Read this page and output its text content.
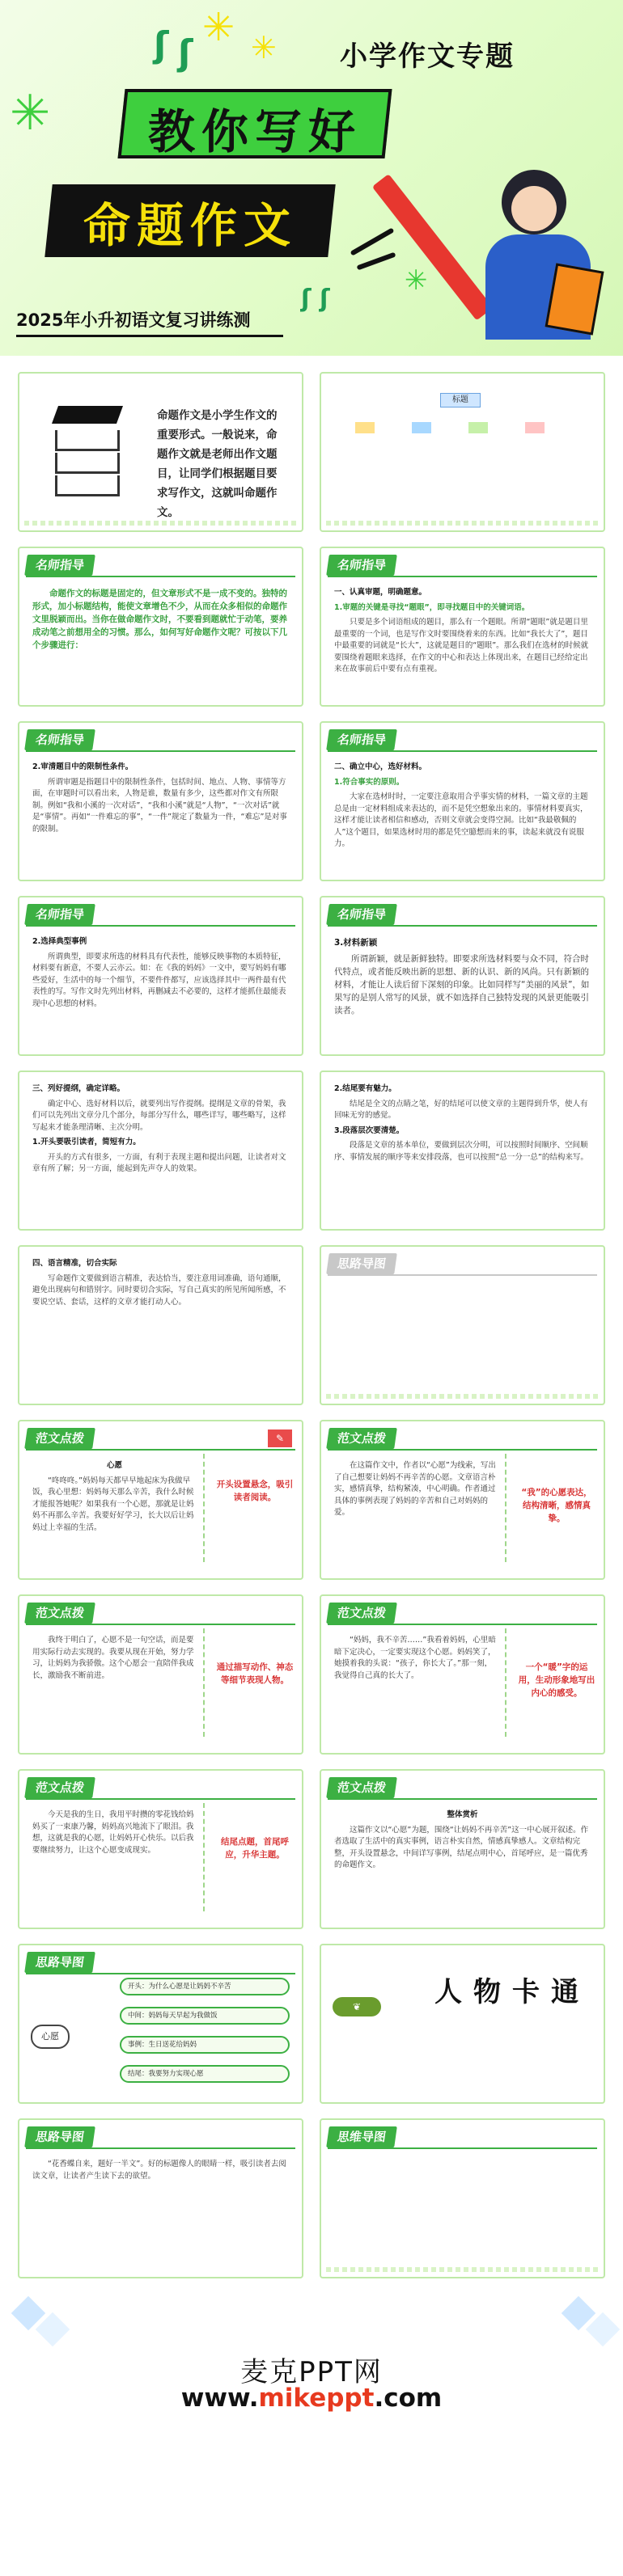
✳ ✳
✳
✳
ʃ ʃ
ʃ ʃ
小学作文专题
教你写好
命题作文
2025年小升初语文复习讲练测
命题作文是小学生作文的重要形式。一般说来，命题作文就是老师出作文题目，让同学们根据题目要求写作文，这就叫命题作文。
标题
名师指导

命题作文的标题是固定的，但文章形式不是一成不变的。独特的形式，加小标题结构，能使文章增色不少，从而在众多相似的命题作文里脱颖而出。当你在做命题作文时，不要看到题就忙于动笔，要养成动笔之前想用全的习惯。那么，如何写好命题作文呢？可按以下几个步骤进行：

名师指导

一、认真审题，明确题意。

1.审题的关键是寻找“题眼”，即寻找题目中的关键词语。

只要是多个词语组成的题目，那么有一个题眼。所谓“题眼”就是题目里最重要的一个词，也是写作文时要围绕着来的东西。比如“我长大了”，题目中最重要的词就是“长大”，这就是题目的“题眼”。那么我们在选材的时候就要围绕着题眼来选择，在作文的中心和表达上体现出来，在题目已经给定出来在故事前后中要有点有重视。

名师指导

2.审清题目中的限制性条件。

所谓审题是指题目中的限制性条件，包括时间、地点、人物、事情等方面，在审题时可以看出来，人物是谁，数量有多少，这些都对作文有所限制。例如“我和小溪的一次对话”，“我和小溪”就是“人物”，“一次对话”就是“事情”。再如“一件难忘的事”，“一件”规定了数量为一件，“难忘”是对事的限制。

名师指导

二、确立中心，选好材料。

1.符合事实的原则。

大家在选材时时，一定要注意取用合乎事实情的材料，一篇文章的主题总是由一定材料组成来表达的，而不是凭空想象出来的。事情材料要真实，这样才能让读者相信和感动，否则文章就会变得空洞。比如“我最敬佩的人”这个题目，如果选材时用的都是凭空臆想而来的事，读起来就没有说服力。

名师指导

2.选择典型事例

所谓典型，即要求所选的材料具有代表性，能够反映事物的本质特征，材料要有新意，不要人云亦云。如：在《我的妈妈》一文中，要写妈妈有哪些爱好，生活中的每一个细节，不要件件都写，应该选择其中一两件最有代表性的写。写作文时先列出材料，再删减去不必要的，这样才能抓住最能表现中心思想的材料。

名师指导

3.材料新颖

所谓新颖，就是新鲜独特。即要求所选材料要与众不同，符合时代特点，或者能反映出新的思想、新的认识、新的风尚。只有新颖的材料，才能让人读后留下深刻的印象。比如同样写“美丽的风景”，如果写的是别人常写的风景，就不如选择自己独特发现的风景更能吸引读者。

三、列好提纲，确定详略。

确定中心、选好材料以后，就要列出写作提纲。提纲是文章的骨架，我们可以先列出文章分几个部分，每部分写什么，哪些详写，哪些略写，这样写起来才能条理清晰、主次分明。

1.开头要吸引读者，简短有力。

开头的方式有很多，一方面，有利于表现主题和提出问题，让读者对文章有所了解；另一方面，能起到先声夺人的效果。

2.结尾要有魅力。

结尾是全文的点睛之笔，好的结尾可以使文章的主题得到升华，使人有回味无穷的感觉。

3.段落层次要清楚。

段落是文章的基本单位，要做到层次分明，可以按照时间顺序、空间顺序、事情发展的顺序等来安排段落，也可以按照“总一分一总”的结构来写。

四、语言精准，切合实际

写命题作文要做到语言精准，表达恰当，要注意用词准确，语句通顺，避免出现病句和错别字。同时要切合实际，写自己真实的所见所闻所感，不要说空话、套话，这样的文章才能打动人心。

思路导图
范文点拨	✎

心愿

“咚咚咚。”妈妈每天都早早地起床为我做早饭，我心里想：妈妈每天那么辛苦，我什么时候才能报答她呢？如果我有一个心愿，那就是让妈妈不再那么辛苦。我要好好学习，长大以后让妈妈过上幸福的生活。

开头设置悬念，吸引读者阅读。
范文点拨

在这篇作文中，作者以“心愿”为线索，写出了自己想要让妈妈不再辛苦的心愿。文章语言朴实，感情真挚，结构紧凑，中心明确。作者通过具体的事例表现了妈妈的辛苦和自己对妈妈的爱。

“我”的心愿表达，结构清晰，感情真挚。
范文点拨

我终于明白了，心愿不是一句空话，而是要用实际行动去实现的。我要从现在开始，努力学习，让妈妈为我骄傲。这个心愿会一直陪伴我成长，激励我不断前进。

通过描写动作、神态等细节表现人物。
范文点拨

“妈妈，我不辛苦……”我看着妈妈，心里暗暗下定决心，一定要实现这个心愿。妈妈笑了，她摸着我的头说：“孩子，你长大了。”那一刻，我觉得自己真的长大了。

一个“暖”字的运用，生动形象地写出内心的感受。
范文点拨

今天是我的生日，我用平时攒的零花钱给妈妈买了一束康乃馨，妈妈高兴地流下了眼泪。我想，这就是我的心愿，让妈妈开心快乐。以后我要继续努力，让这个心愿变成现实。

结尾点题，首尾呼应，升华主题。
范文点拨

整体赏析

这篇作文以“心愿”为题，围绕“让妈妈不再辛苦”这一中心展开叙述。作者选取了生活中的真实事例，语言朴实自然，情感真挚感人。文章结构完整，开头设置悬念，中间详写事例，结尾点明中心，首尾呼应，是一篇优秀的命题作文。

思路导图
心愿
开头：为什么心愿是让妈妈不辛苦
中间：妈妈每天早起为我做饭
事例：生日送花给妈妈
结尾：我要努力实现心愿
人物卡通
❦
思路导图

“花香蝶自来，题好一半文”。好的标题像人的眼睛一样，吸引读者去阅读文章，让读者产生读下去的欲望。

思维导图
麦克PPT网
www.mikeppt.com
